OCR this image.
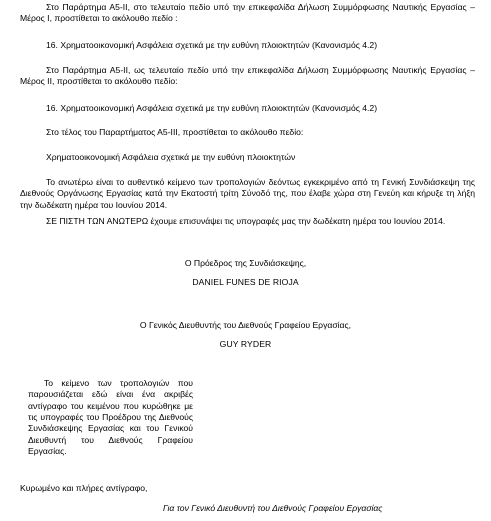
Στο Παράρτημα Α5-ΙΙ, στο τελευταίο πεδίο υπό την επικεφαλίδα Δήλωση Συμμόρφωσης Ναυτικής Εργασίας – Μέρος Ι, προστίθεται το ακόλουθο πεδίο :

16. Χρηματοοικονομική Ασφάλεια σχετικά με την ευθύνη πλοιοκτητών (Κανονισμός 4.2)

Στο Παράρτημα Α5-ΙΙ, ως τελευταίο πεδίο υπό την επικεφαλίδα Δήλωση Συμμόρφωσης Ναυτικής Εργασίας – Μέρος ΙΙ, προστίθεται το ακόλουθο πεδίο:

16. Χρηματοοικονομική Ασφάλεια σχετικά με την ευθύνη πλοιοκτητών (Κανονισμός 4.2)

Στο τέλος του Παραρτήματος Α5-ΙΙΙ, προστίθεται το ακόλουθο πεδίο:

Χρηματοοικονομική Ασφάλεια σχετικά με την ευθύνη πλοιοκτητών

Το ανωτέρω είναι το αυθεντικό κείμενο των τροπολογιών δεόντως εγκεκριμένο από τη Γενική Συνδιάσκεψη της Διεθνούς Οργάνωσης Εργασίας κατά την Εκατοστή τρίτη Σύνοδό της, που έλαβε χώρα στη Γενεύη και κήρυξε τη λήξη την δωδέκατη ημέρα του Ιουνίου 2014.

ΣΕ ΠΙΣΤΗ ΤΩΝ ΑΝΩΤΕΡΩ έχουμε επισυνάψει τις υπογραφές μας την δωδέκατη ημέρα του Ιουνίου 2014.

Ο Πρόεδρος της Συνδιάσκεψης,
DANIEL FUNES DE RIOJA
Ο Γενικός Διευθυντής του Διεθνούς Γραφείου Εργασίας,
GUY RYDER
Το κείμενο των τροπολογιών που παρουσιάζεται εδώ είναι ένα ακριβές αντίγραφο του κειμένου που κυρώθηκε με τις υπογραφές του Προέδρου της Διεθνούς Συνδιάσκεψης Εργασίας και του Γενικού Διευθυντή του Διεθνούς Γραφείου Εργασίας.
Κυρωμένο και πλήρες αντίγραφο,
Για τον Γενικό Διευθυντή του Διεθνούς Γραφείου Εργασίας
